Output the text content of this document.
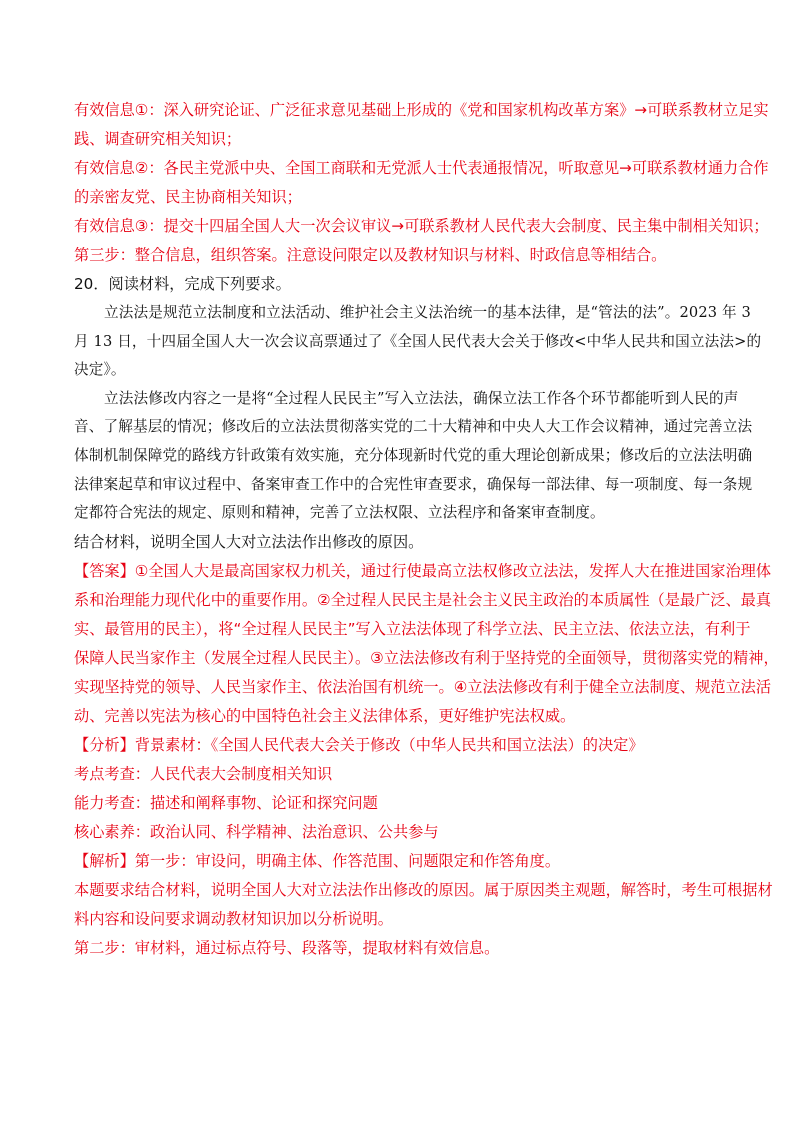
有效信息①：深入研究论证、广泛征求意见基础上形成的《党和国家机构改革方案》→可联系教材立足实

践、调查研究相关知识；

有效信息②：各民主党派中央、全国工商联和无党派人士代表通报情况，听取意见→可联系教材通力合作

的亲密友党、民主协商相关知识；

有效信息③：提交十四届全国人大一次会议审议→可联系教材人民代表大会制度、民主集中制相关知识；

第三步：整合信息，组织答案。注意设问限定以及教材知识与材料、时政信息等相结合。

20．阅读材料，完成下列要求。

立法法是规范立法制度和立法活动、维护社会主义法治统一的基本法律，是“管法的法”。2023 年 3

月 13 日，十四届全国人大一次会议高票通过了《全国人民代表大会关于修改<中华人民共和国立法法>的

决定》。

立法法修改内容之一是将“全过程人民民主”写入立法法，确保立法工作各个环节都能听到人民的声

音、了解基层的情况；修改后的立法法贯彻落实党的二十大精神和中央人大工作会议精神，通过完善立法

体制机制保障党的路线方针政策有效实施，充分体现新时代党的重大理论创新成果；修改后的立法法明确

法律案起草和审议过程中、备案审查工作中的合宪性审查要求，确保每一部法律、每一项制度、每一条规

定都符合宪法的规定、原则和精神，完善了立法权限、立法程序和备案审查制度。

结合材料，说明全国人大对立法法作出修改的原因。

【答案】①全国人大是最高国家权力机关，通过行使最高立法权修改立法法，发挥人大在推进国家治理体

系和治理能力现代化中的重要作用。②全过程人民民主是社会主义民主政治的本质属性（是最广泛、最真

实、最管用的民主），将“全过程人民民主”写入立法法体现了科学立法、民主立法、依法立法，有利于

保障人民当家作主（发展全过程人民民主）。③立法法修改有利于坚持党的全面领导，贯彻落实党的精神，

实现坚持党的领导、人民当家作主、依法治国有机统一。④立法法修改有利于健全立法制度、规范立法活

动、完善以宪法为核心的中国特色社会主义法律体系，更好维护宪法权威。

【分析】背景素材：《全国人民代表大会关于修改（中华人民共和国立法法）的决定》

考点考查：人民代表大会制度相关知识

能力考查：描述和阐释事物、论证和探究问题

核心素养：政治认同、科学精神、法治意识、公共参与

【解析】第一步：审设问，明确主体、作答范围、问题限定和作答角度。

本题要求结合材料，说明全国人大对立法法作出修改的原因。属于原因类主观题，解答时，考生可根据材

料内容和设问要求调动教材知识加以分析说明。

第二步：审材料，通过标点符号、段落等，提取材料有效信息。
